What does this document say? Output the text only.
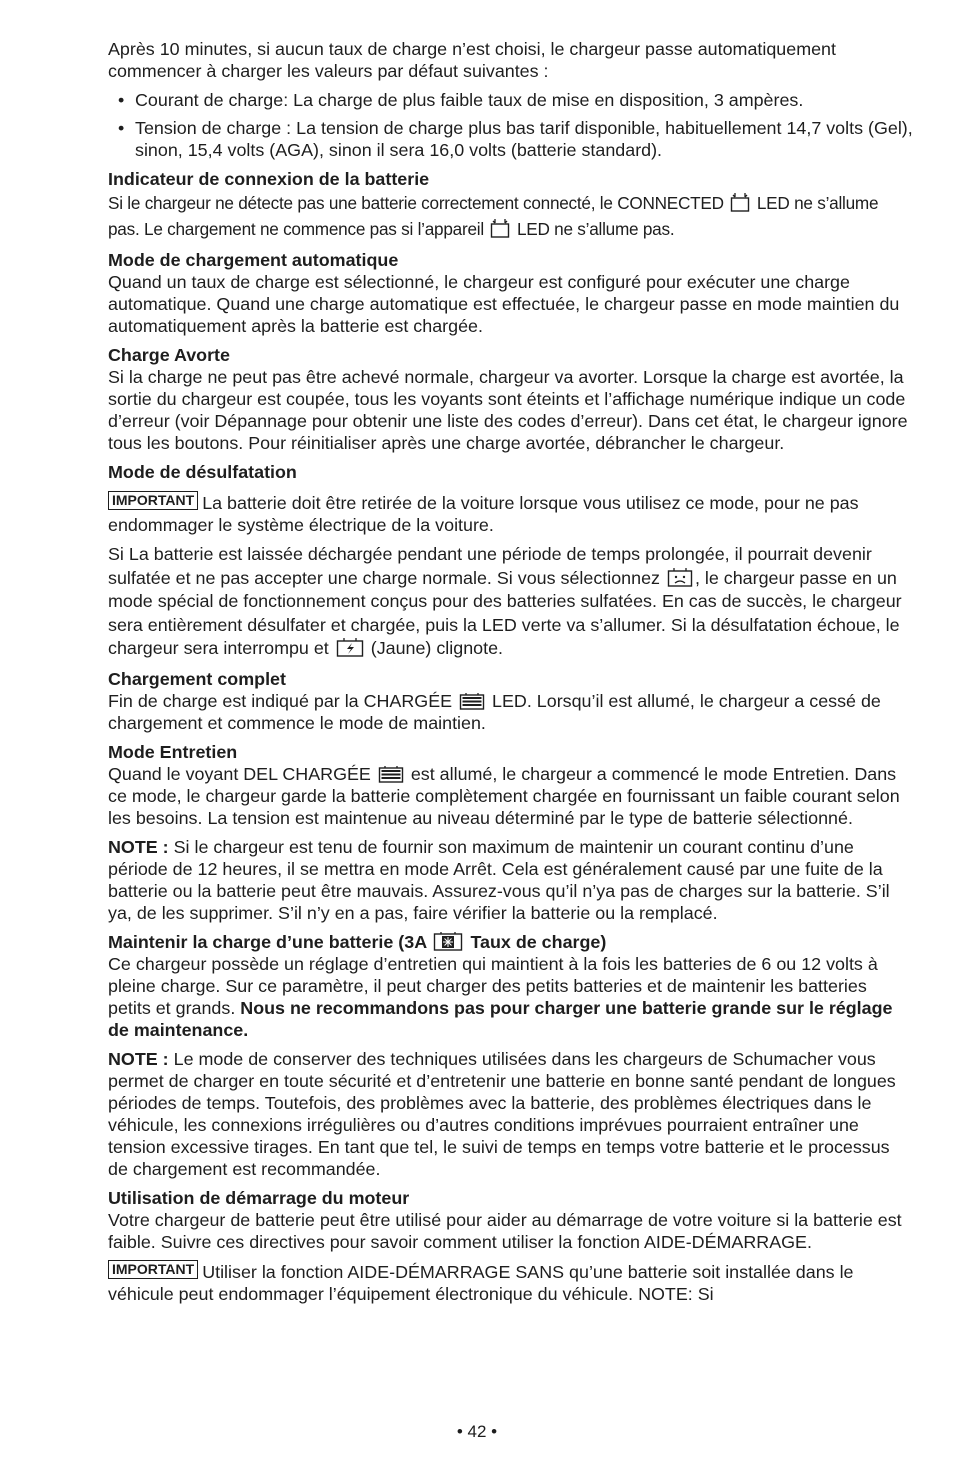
Après 10 minutes, si aucun taux de charge n’est choisi, le chargeur passe automatiquement commencer à charger les valeurs par défaut suivantes :

• Courant de charge: La charge de plus faible taux de mise en disposition, 3 ampères.
• Tension de charge : La tension de charge plus bas tarif disponible, habituellement 14,7 volts (Gel), sinon, 15,4 volts (AGA), sinon il sera 16,0 volts (batterie standard).

Indicateur de connexion de la batterie

Si le chargeur ne détecte pas une batterie correctement connecté, le CONNECTED LED ne s’allume pas. Le chargement ne commence pas si l’appareil LED ne s’allume pas.

Mode de chargement automatique

Quand un taux de charge est sélectionné, le chargeur est configuré pour exécuter une charge automatique. Quand une charge automatique est effectuée, le chargeur passe en mode maintien du automatiquement après la batterie est chargée.

Charge Avorte

Si la charge ne peut pas être achevé normale, chargeur va avorter. Lorsque la charge est avortée, la sortie du chargeur est coupée, tous les voyants sont éteints et l’affichage numérique indique un code d’erreur (voir Dépannage pour obtenir une liste des codes d’erreur). Dans cet état, le chargeur ignore tous les boutons. Pour réinitialiser après une charge avortée, débrancher le chargeur.

Mode de désulfatation

IMPORTANT La batterie doit être retirée de la voiture lorsque vous utilisez ce mode, pour ne pas endommager le système électrique de la voiture.

Si La batterie est laissée déchargée pendant une période de temps prolongée, il pourrait devenir sulfatée et ne pas accepter une charge normale. Si vous sélectionnez , le chargeur passe en un mode spécial de fonctionnement conçus pour des batteries sulfatées. En cas de succès, le chargeur sera entièrement désulfater et chargée, puis la LED verte va s’allumer. Si la désulfatation échoue, le chargeur sera interrompu et (Jaune) clignote.

Chargement complet

Fin de charge est indiqué par la CHARGÉE LED. Lorsqu’il est allumé, le chargeur a cessé de chargement et commence le mode de maintien.

Mode Entretien

Quand le voyant DEL CHARGÉE est allumé, le chargeur a commencé le mode Entretien. Dans ce mode, le chargeur garde la batterie complètement chargée en fournissant un faible courant selon les besoins. La tension est maintenue au niveau déterminé par le type de batterie sélectionné.

NOTE : Si le chargeur est tenu de fournir son maximum de maintenir un courant continu d’une période de 12 heures, il se mettra en mode Arrêt. Cela est généralement causé par une fuite de la batterie ou la batterie peut être mauvais. Assurez-vous qu’il n’ya pas de charges sur la batterie. S’il ya, de les supprimer. S’il n’y en a pas, faire vérifier la batterie ou la remplacé.

Maintenir la charge d’une batterie (3A Taux de charge)

Ce chargeur possède un réglage d’entretien qui maintient à la fois les batteries de 6 ou 12 volts à pleine charge. Sur ce paramètre, il peut charger des petits batteries et de maintenir les batteries petits et grands. Nous ne recommandons pas pour charger une batterie grande sur le réglage de maintenance.

NOTE : Le mode de conserver des techniques utilisées dans les chargeurs de Schumacher vous permet de charger en toute sécurité et d’entretenir une batterie en bonne santé pendant de longues périodes de temps. Toutefois, des problèmes avec la batterie, des problèmes électriques dans le véhicule, les connexions irrégulières ou d’autres conditions imprévues pourraient entraîner une tension excessive tirages. En tant que tel, le suivi de temps en temps votre batterie et le processus de chargement est recommandée.

Utilisation de démarrage du moteur

Votre chargeur de batterie peut être utilisé pour aider au démarrage de votre voiture si la batterie est faible. Suivre ces directives pour savoir comment utiliser la fonction AIDE-DÉMARRAGE.

IMPORTANT Utiliser la fonction AIDE-DÉMARRAGE SANS qu’une batterie soit installée dans le véhicule peut endommager l’équipement électronique du véhicule. NOTE: Si

• 42 •
